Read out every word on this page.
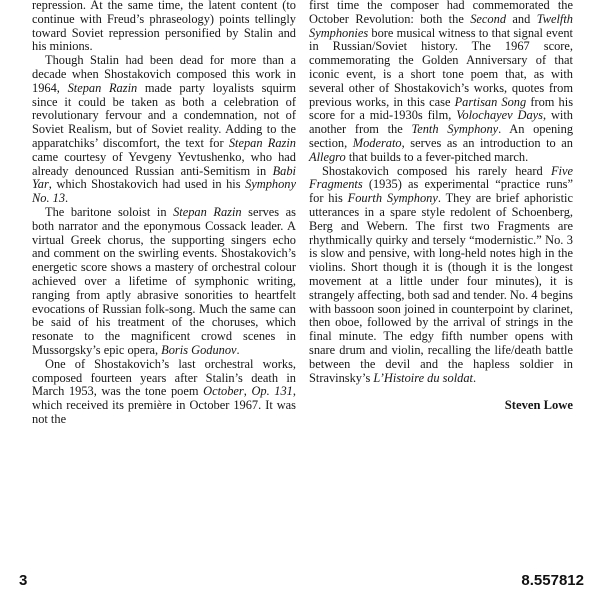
repression. At the same time, the latent content (to continue with Freud’s phraseology) points tellingly toward Soviet repression personified by Stalin and his minions.

Though Stalin had been dead for more than a decade when Shostakovich composed this work in 1964, Stepan Razin made party loyalists squirm since it could be taken as both a celebration of revolutionary fervour and a condemnation, not of Soviet Realism, but of Soviet reality. Adding to the apparatchiks’ discomfort, the text for Stepan Razin came courtesy of Yevgeny Yevtushenko, who had already denounced Russian anti-Semitism in Babi Yar, which Shostakovich had used in his Symphony No. 13.

The baritone soloist in Stepan Razin serves as both narrator and the eponymous Cossack leader. A virtual Greek chorus, the supporting singers echo and comment on the swirling events. Shostakovich’s energetic score shows a mastery of orchestral colour achieved over a lifetime of symphonic writing, ranging from aptly abrasive sonorities to heartfelt evocations of Russian folk-song. Much the same can be said of his treatment of the choruses, which resonate to the magnificent crowd scenes in Mussorgsky’s epic opera, Boris Godunov.

One of Shostakovich’s last orchestral works, composed fourteen years after Stalin’s death in March 1953, was the tone poem October, Op. 131, which received its première in October 1967. It was not the

first time the composer had commemorated the October Revolution: both the Second and Twelfth Symphonies bore musical witness to that signal event in Russian/Soviet history. The 1967 score, commemorating the Golden Anniversary of that iconic event, is a short tone poem that, as with several other of Shostakovich’s works, quotes from previous works, in this case Partisan Song from his score for a mid-1930s film, Volochayev Days, with another from the Tenth Symphony. An opening section, Moderato, serves as an introduction to an Allegro that builds to a fever-pitched march.

Shostakovich composed his rarely heard Five Fragments (1935) as experimental “practice runs” for his Fourth Symphony. They are brief aphoristic utterances in a spare style redolent of Schoenberg, Berg and Webern. The first two Fragments are rhythmically quirky and tersely “modernistic.” No. 3 is slow and pensive, with long-held notes high in the violins. Short though it is (though it is the longest movement at a little under four minutes), it is strangely affecting, both sad and tender. No. 4 begins with bassoon soon joined in counterpoint by clarinet, then oboe, followed by the arrival of strings in the final minute. The edgy fifth number opens with snare drum and violin, recalling the life/death battle between the devil and the hapless soldier in Stravinsky’s L’Histoire du soldat.

Steven Lowe

3	8.557812
